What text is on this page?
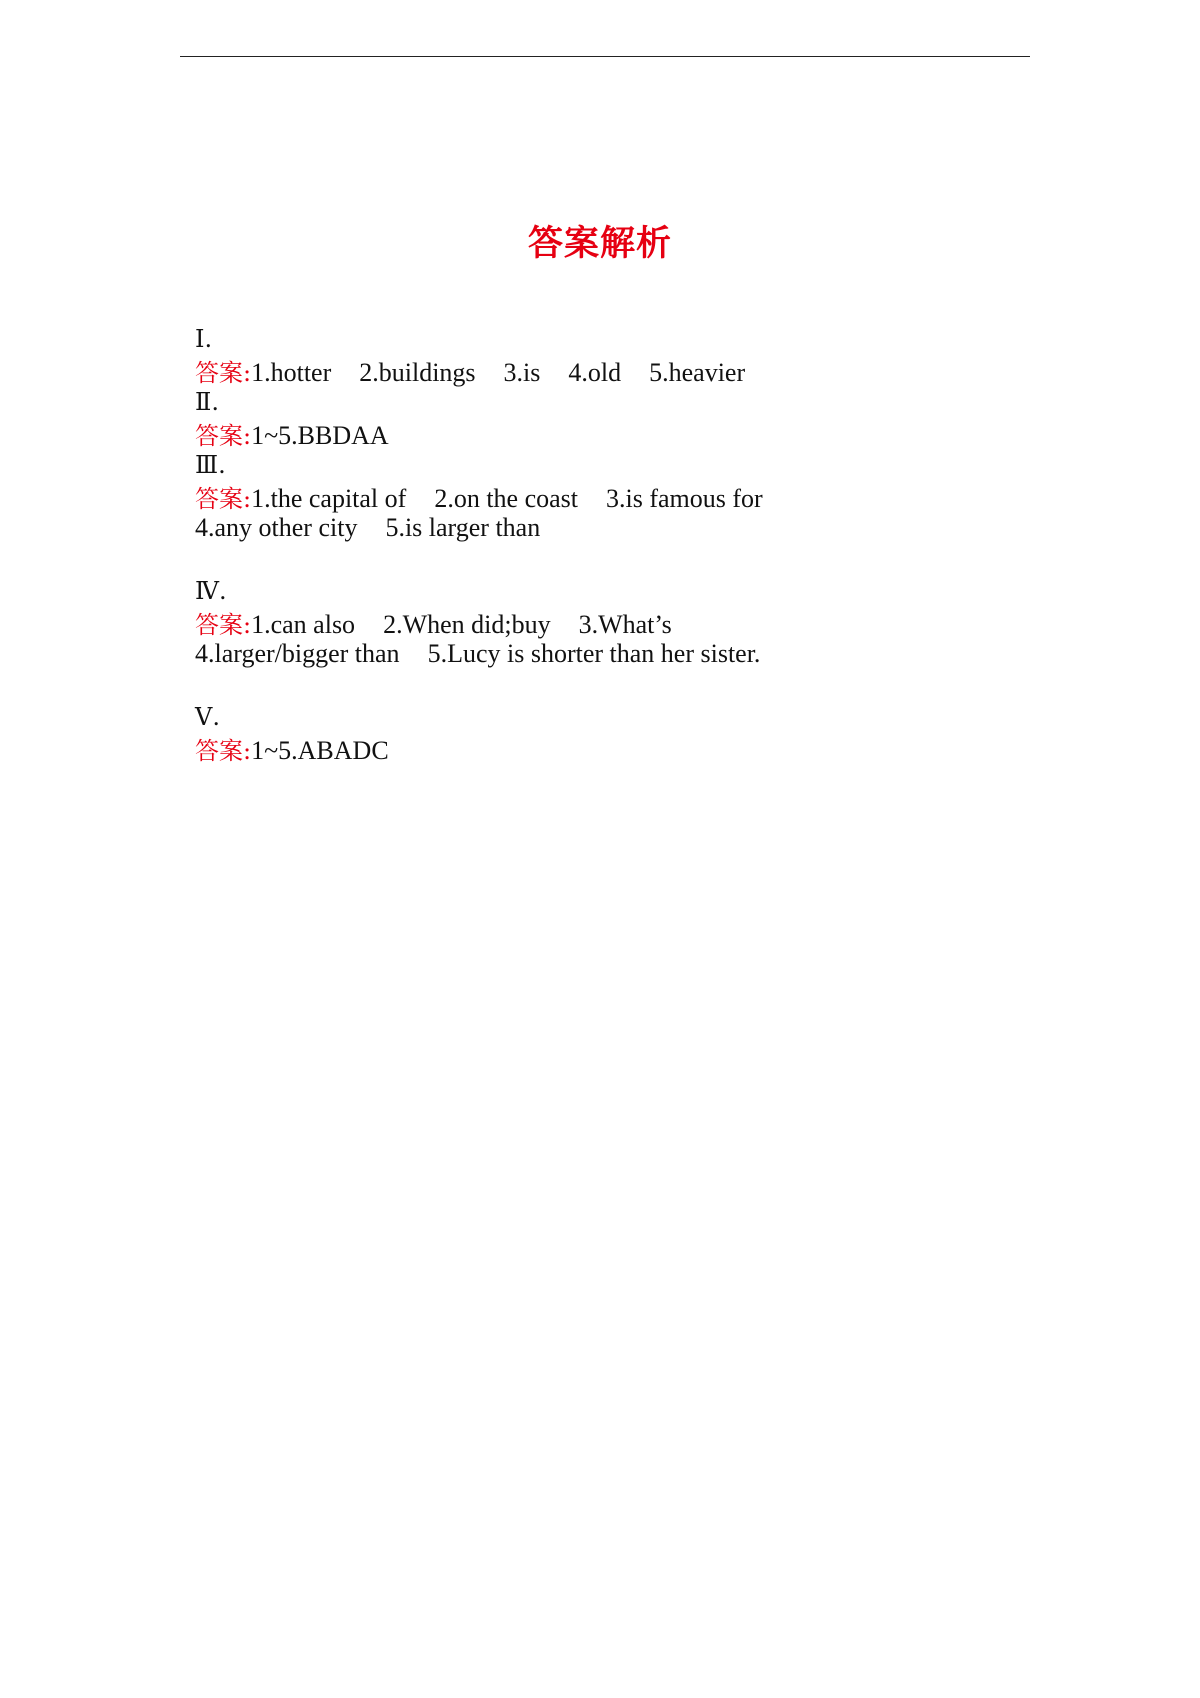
答案解析

Ⅰ.
答案:1.hotter 2.buildings 3.is 4.old 5.heavier

Ⅱ.
答案:1~5.BBDAA

Ⅲ.
答案:1.the capital of 2.on the coast 3.is famous for

4.any other city 5.is larger than

Ⅳ.
答案:1.can also 2.When did;buy 3.What’s

4.larger/bigger than 5.Lucy is shorter than her sister.

Ⅴ.
答案:1~5.ABADC
